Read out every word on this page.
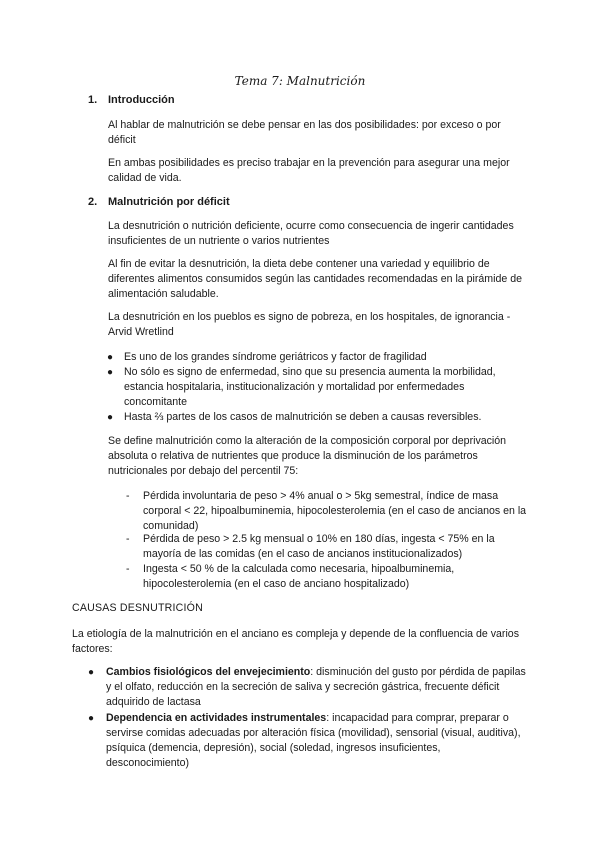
Tema 7: Malnutrición
1. Introducción
Al hablar de malnutrición se debe pensar en las dos posibilidades: por exceso o por déficit
En ambas posibilidades es preciso trabajar en la prevención para asegurar una mejor calidad de vida.
2. Malnutrición por déficit
La desnutrición o nutrición deficiente, ocurre como consecuencia de ingerir cantidades insuficientes de un nutriente o varios nutrientes
Al fin de evitar la desnutrición, la dieta debe contener una variedad y equilibrio de diferentes alimentos consumidos según las cantidades recomendadas en la pirámide de alimentación saludable.
La desnutrición en los pueblos es signo de pobreza, en los hospitales, de ignorancia - Arvid Wretlind
● Es uno de los grandes síndrome geriátricos y factor de fragilidad
● No sólo es signo de enfermedad, sino que su presencia aumenta la morbilidad, estancia hospitalaria, institucionalización y mortalidad por enfermedades concomitante
● Hasta ⅔ partes de los casos de malnutrición se deben a causas reversibles.
Se define malnutrición como la alteración de la composición corporal por deprivación absoluta o relativa de nutrientes que produce la disminución de los parámetros nutricionales por debajo del percentil 75:
- Pérdida involuntaria de peso > 4% anual o > 5kg semestral, índice de masa corporal < 22, hipoalbuminemia, hipocolesterolemia (en el caso de ancianos en la comunidad)
- Pérdida de peso > 2.5 kg mensual o 10% en 180 días, ingesta < 75% en la mayoría de las comidas (en el caso de ancianos institucionalizados)
- Ingesta < 50 % de la calculada como necesaria, hipoalbuminemia, hipocolesterolemia (en el caso de anciano hospitalizado)
CAUSAS DESNUTRICIÓN
La etiología de la malnutrición en el anciano es compleja y depende de la confluencia de varios factores:
● Cambios fisiológicos del envejecimiento: disminución del gusto por pérdida de papilas y el olfato, reducción en la secreción de saliva y secreción gástrica, frecuente déficit adquirido de lactasa
● Dependencia en actividades instrumentales: incapacidad para comprar, preparar o servirse comidas adecuadas por alteración física (movilidad), sensorial (visual, auditiva), psíquica (demencia, depresión), social (soledad, ingresos insuficientes, desconocimiento)
